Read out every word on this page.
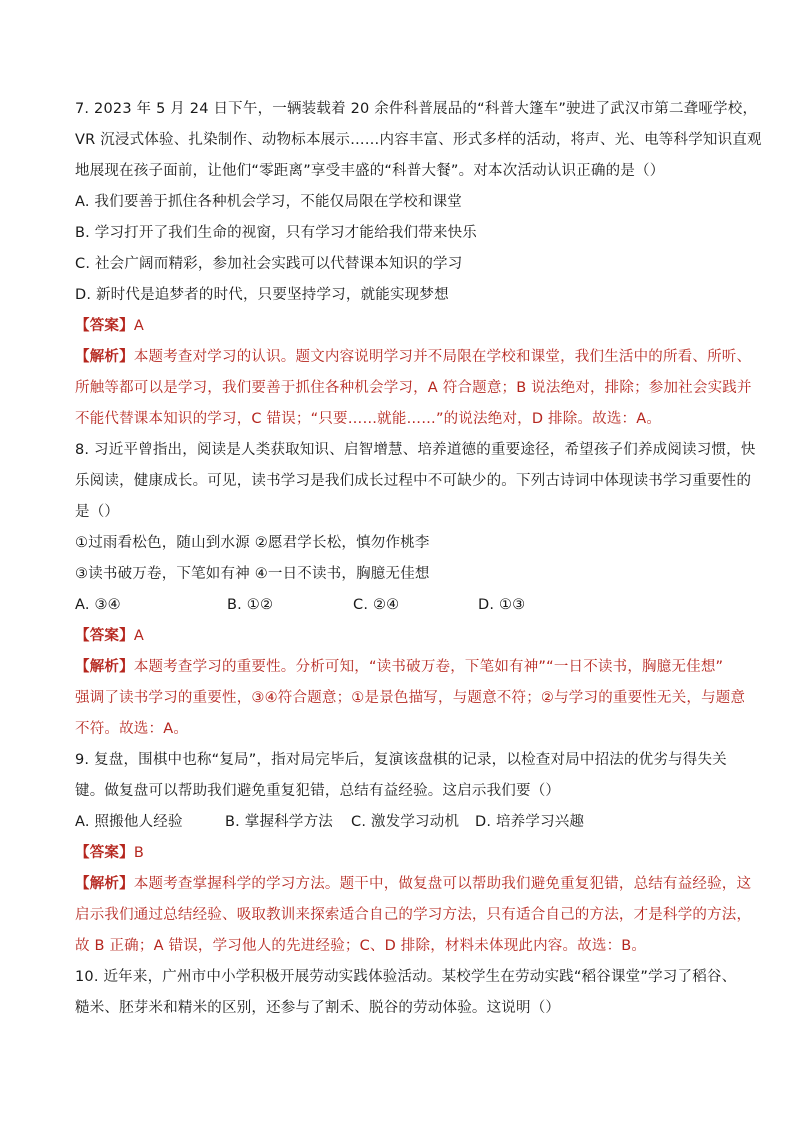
7. 2023 年 5 月 24 日下午，一辆装载着 20 余件科普展品的“科普大篷车”驶进了武汉市第二聋哑学校，
VR 沉浸式体验、扎染制作、动物标本展示……内容丰富、形式多样的活动，将声、光、电等科学知识直观
地展现在孩子面前，让他们“零距离”享受丰盛的“科普大餐”。对本次活动认识正确的是（）
A. 我们要善于抓住各种机会学习，不能仅局限在学校和课堂
B. 学习打开了我们生命的视窗，只有学习才能给我们带来快乐
C. 社会广阔而精彩，参加社会实践可以代替课本知识的学习
D. 新时代是追梦者的时代，只要坚持学习，就能实现梦想
【答案】A
【解析】本题考查对学习的认识。题文内容说明学习并不局限在学校和课堂，我们生活中的所看、所听、
所触等都可以是学习，我们要善于抓住各种机会学习，A 符合题意；B 说法绝对，排除；参加社会实践并
不能代替课本知识的学习，C 错误；“只要……就能……”的说法绝对，D 排除。故选：A。
8. 习近平曾指出，阅读是人类获取知识、启智增慧、培养道德的重要途径，希望孩子们养成阅读习惯，快
乐阅读，健康成长。可见，读书学习是我们成长过程中不可缺少的。下列古诗词中体现读书学习重要性的
是（）
①过雨看松色，随山到水源 ②愿君学长松，慎勿作桃李
③读书破万卷，下笔如有神 ④一日不读书，胸臆无佳想
A. ③④	B. ①②	C. ②④	D. ①③
【答案】A
【解析】本题考查学习的重要性。分析可知，“读书破万卷，下笔如有神”“一日不读书，胸臆无佳想”
强调了读书学习的重要性，③④符合题意；①是景色描写，与题意不符；②与学习的重要性无关，与题意
不符。故选：A。
9. 复盘，围棋中也称“复局”，指对局完毕后，复演该盘棋的记录，以检查对局中招法的优劣与得失关
键。做复盘可以帮助我们避免重复犯错，总结有益经验。这启示我们要（）
A. 照搬他人经验	B. 掌握科学方法	C. 激发学习动机	D. 培养学习兴趣
【答案】B
【解析】本题考查掌握科学的学习方法。题干中，做复盘可以帮助我们避免重复犯错，总结有益经验，这
启示我们通过总结经验、吸取教训来探索适合自己的学习方法，只有适合自己的方法，才是科学的方法，
故 B 正确；A 错误，学习他人的先进经验；C、D 排除，材料未体现此内容。故选：B。
10. 近年来，广州市中小学积极开展劳动实践体验活动。某校学生在劳动实践“稻谷课堂”学习了稻谷、
糙米、胚芽米和精米的区别，还参与了割禾、脱谷的劳动体验。这说明（）
